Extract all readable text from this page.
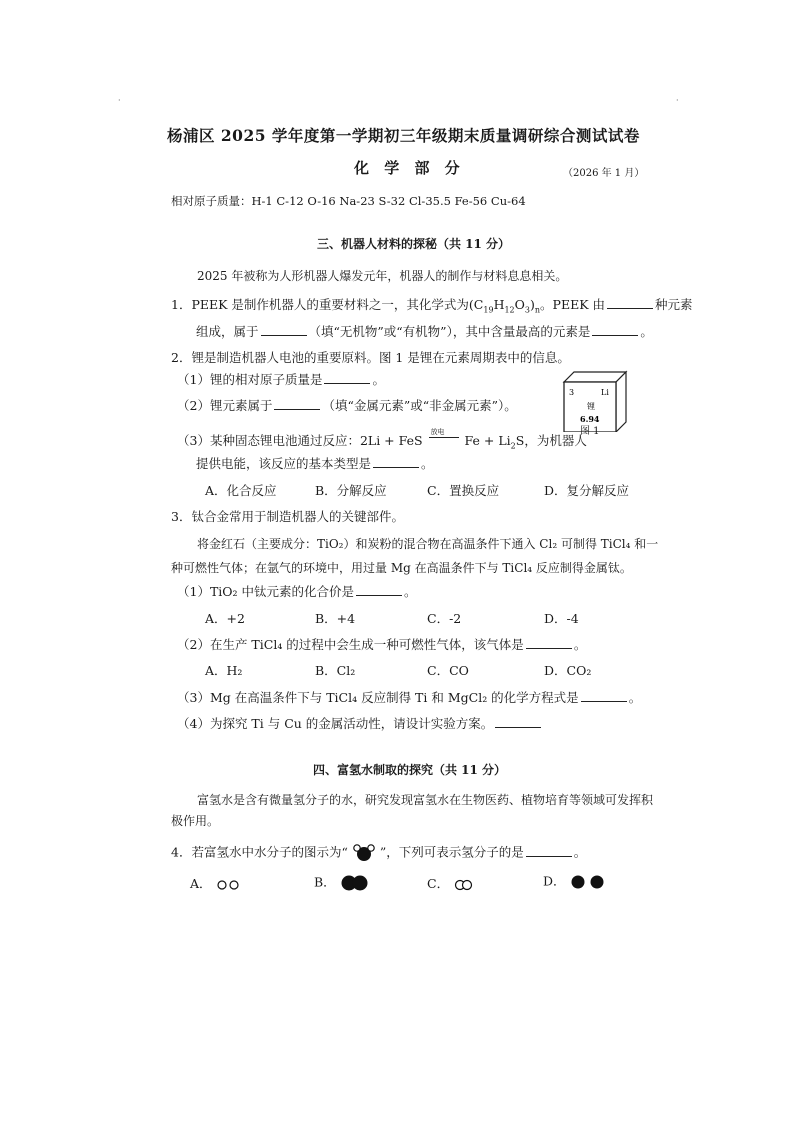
·	·
杨浦区 2025 学年度第一学期初三年级期末质量调研综合测试试卷
化 学 部 分	（2026 年 1 月）
相对原子质量：H-1 C-12 O-16 Na-23 S-32 Cl-35.5 Fe-56 Cu-64
三、机器人材料的探秘（共 11 分）
2025 年被称为人形机器人爆发元年，机器人的制作与材料息息相关。
1．PEEK 是制作机器人的重要材料之一，其化学式为$(C_{19}H_{12}O_3)_n$。PEEK 由	种元素
组成，属于	（填“无机物”或“有机物”），其中含量最高的元素是	。
2．锂是制造机器人电池的重要原料。图 1 是锂在元素周期表中的信息。
（1）锂的相对原子质量是	。
（2）锂元素属于	（填“金属元素”或“非金属元素”）。
（3）某种固态锂电池通过反应：2Li + FeS
放电
$Fe + Li_2S$，为机器人
提供电能，该反应的基本类型是	。
A．化合反应	B．分解反应	C．置换反应	D．复分解反应
3	Li
锂
6.94
图 1
3．钛合金常用于制造机器人的关键部件。
将金红石（主要成分：TiO₂）和炭粉的混合物在高温条件下通入 Cl₂ 可制得 TiCl₄ 和一
种可燃性气体；在氩气的环境中，用过量 Mg 在高温条件下与 TiCl₄ 反应制得金属钛。
（1）TiO₂ 中钛元素的化合价是	。
A．+2	B．+4	C．-2	D．-4
（2）在生产 TiCl₄ 的过程中会生成一种可燃性气体，该气体是	。
A．H₂	B．Cl₂	C．CO	D．CO₂
（3）Mg 在高温条件下与 TiCl₄ 反应制得 Ti 和 MgCl₂ 的化学方程式是	。
（4）为探究 Ti 与 Cu 的金属活动性，请设计实验方案。
四、富氢水制取的探究（共 11 分）
富氢水是含有微量氢分子的水，研究发现富氢水在生物医药、植物培育等领域可发挥积
极作用。
4．若富氢水中水分子的图示为“	”，下列可表示氢分子的是	。
A．	B．	C．	D．
